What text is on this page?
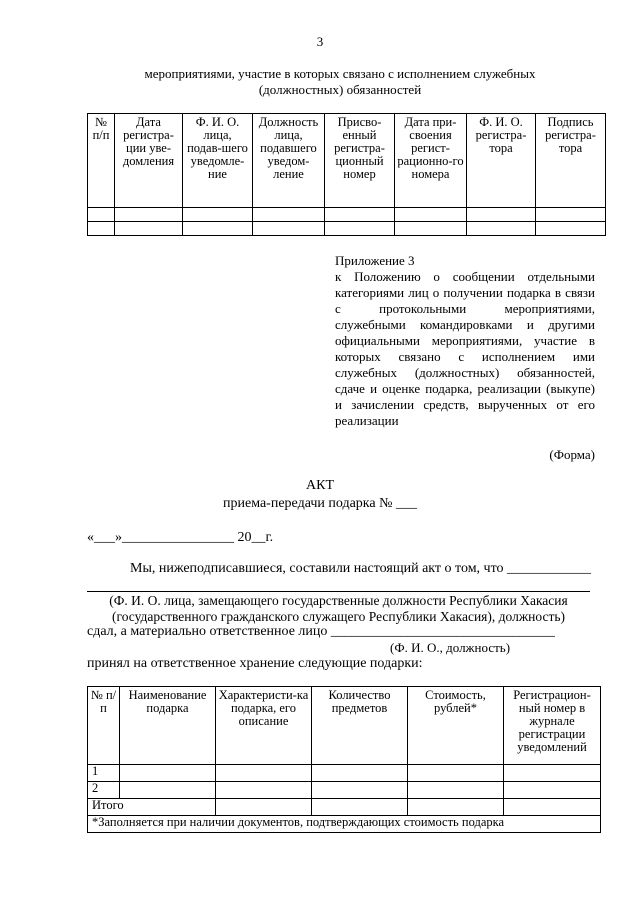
3
мероприятиями, участие в которых связано с исполнением служебных
(должностных) обязанностей
№ п/п	Дата регистра-ции уве-домления	Ф. И. О. лица, подав-шего уведомле-ние	Должность лица, подавшего уведом-ление	Присво-енный регистра-ционный номер	Дата при-своения регист-рационно-го номера	Ф. И. О. регистра-тора	Подпись регистра-тора

Приложение 3
к Положению о сообщении отдельными категориями лиц о получении подарка в связи с протокольными мероприятиями, служебными командировками и другими официальными мероприятиями, участие в которых связано с исполнением ими служебных (должностных) обязанностей, сдаче и оценке подарка, реализации (выкупе) и зачислении средств, вырученных от его реализации
(Форма)
АКТ
приема-передачи подарка № ___
«___»________________ 20__г.
Мы, нижеподписавшиеся, составили настоящий акт о том, что ____________
(Ф. И. О. лица, замещающего государственные должности Республики Хакасия
(государственного гражданского служащего Республики Хакасия), должность)
сдал, а материально ответственное лицо ________________________________
(Ф. И. О., должность)
принял на ответственное хранение следующие подарки:
№ п/п	Наименование подарка	Характеристи-ка подарка, его описание	Количество предметов	Стоимость, рублей*	Регистрацион-ный номер в журнале регистрации уведомлений
1					
2					
Итого					
*Заполняется при наличии документов, подтверждающих стоимость подарка					
